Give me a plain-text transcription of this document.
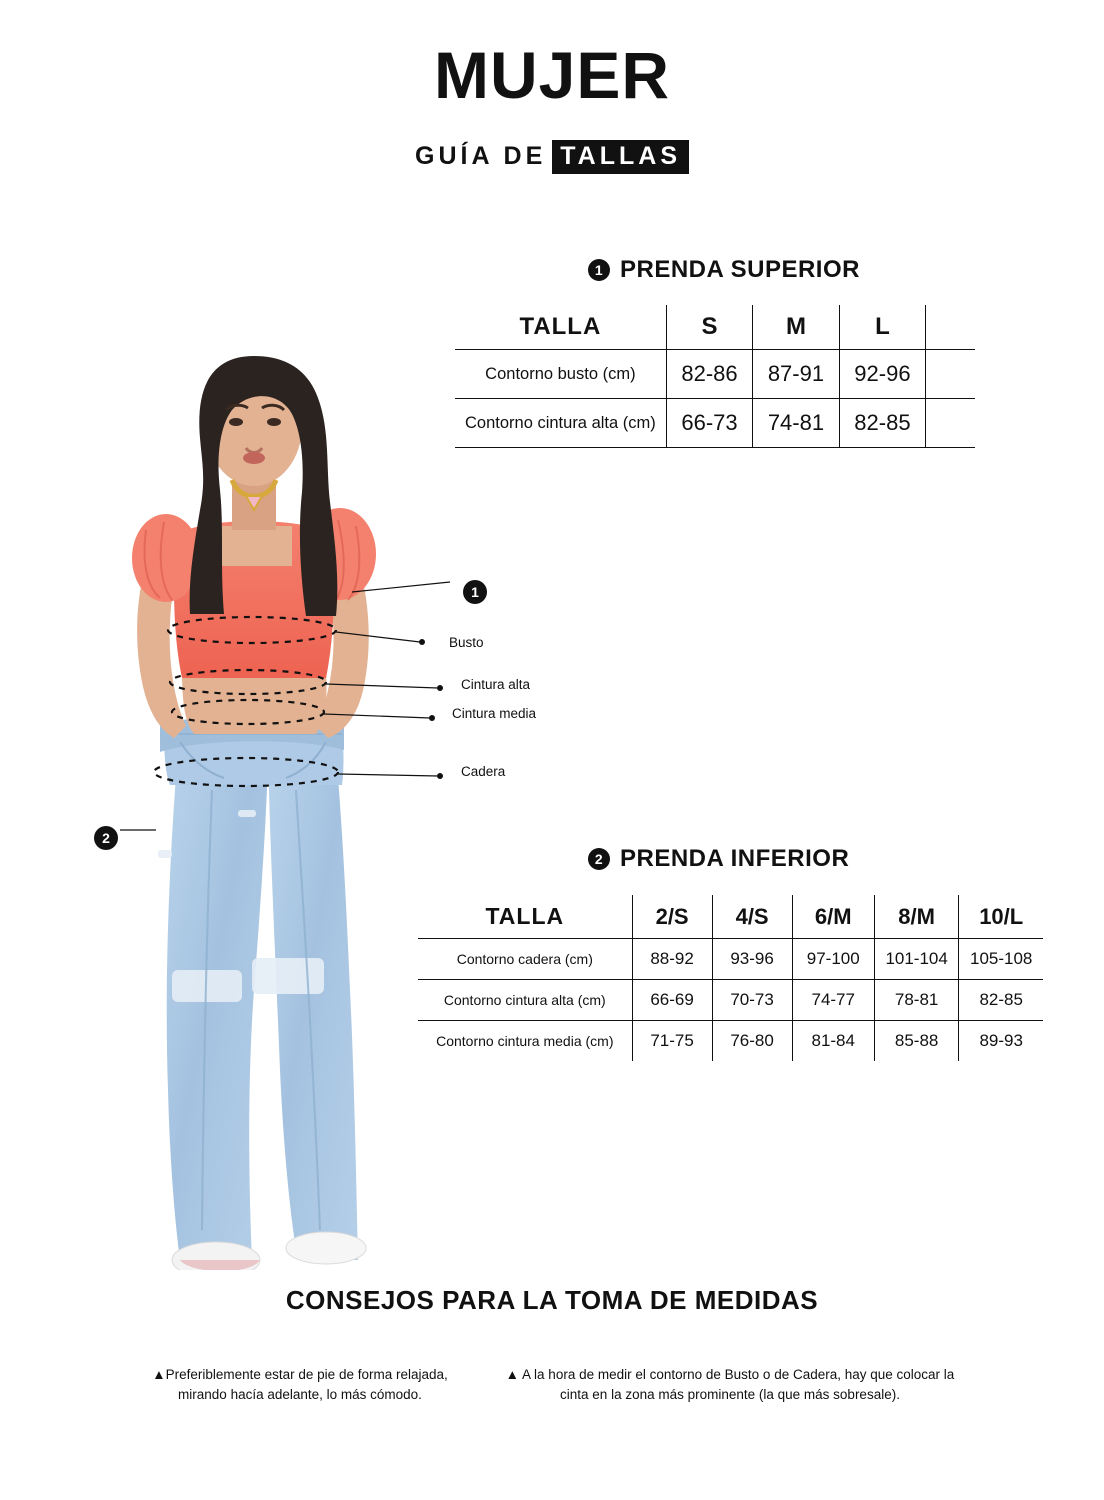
MUJER
GUÍA DE TALLAS
1 PRENDA SUPERIOR
TALLA	S	M	L	
Contorno busto (cm)	82-86	87-91	92-96	
Contorno cintura alta (cm)	66-73	74-81	82-85	
Busto
Cintura alta
Cintura media
Cadera
1
2
2 PRENDA INFERIOR
TALLA	2/S	4/S	6/M	8/M	10/L
Contorno cadera (cm)	88-92	93-96	97-100	101-104	105-108
Contorno cintura alta (cm)	66-69	70-73	74-77	78-81	82-85
Contorno cintura media (cm)	71-75	76-80	81-84	85-88	89-93
CONSEJOS PARA LA TOMA DE MEDIDAS
▲Preferiblemente estar de pie de forma relajada, mirando hacía adelante, lo más cómodo.
▲ A la hora de medir el contorno de Busto o de Cadera, hay que colocar la cinta en la zona más prominente (la que más sobresale).
